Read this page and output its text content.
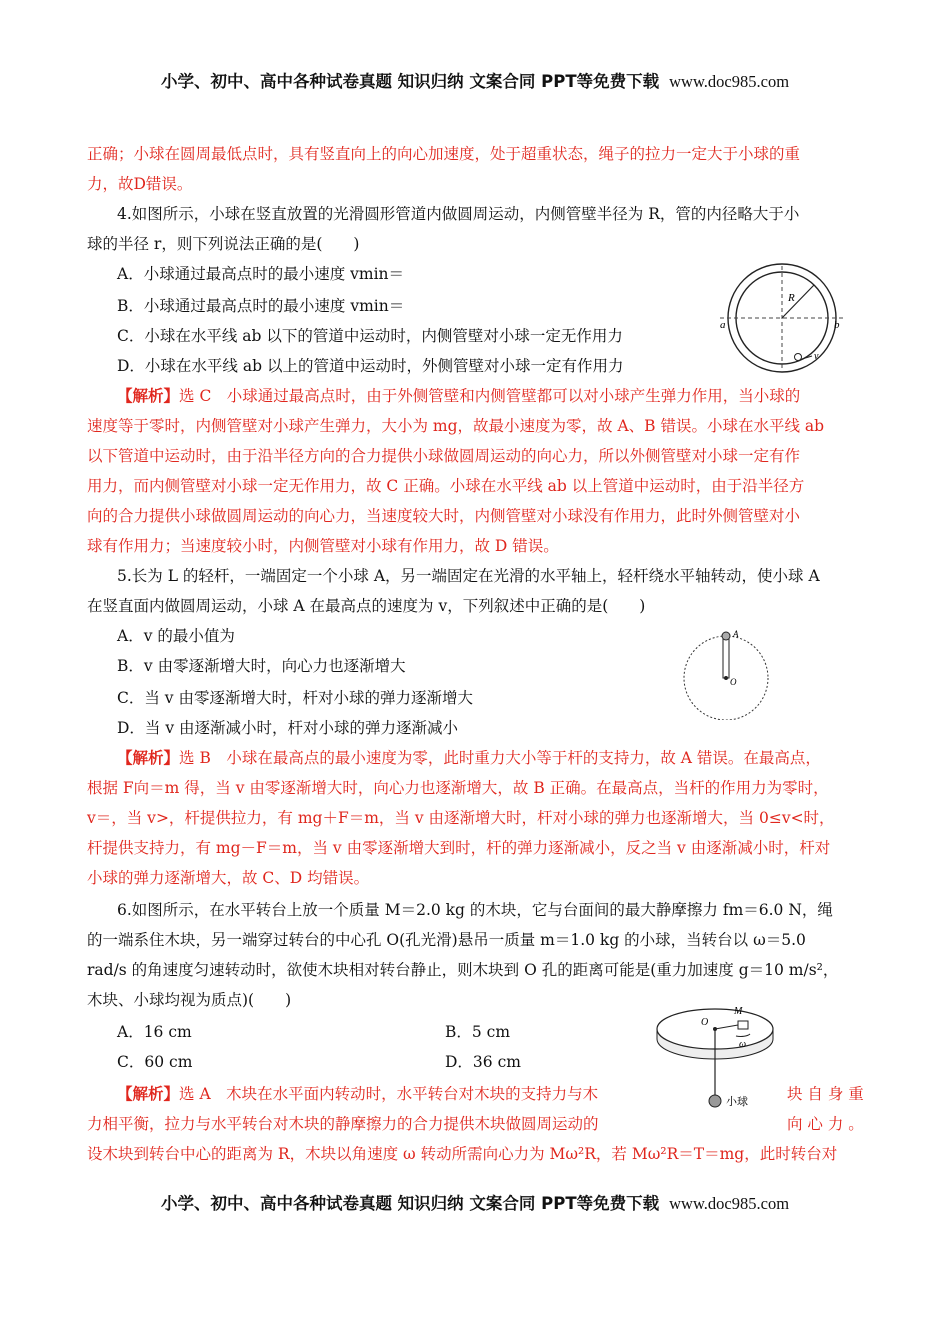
小学、初中、高中各种试卷真题 知识归纳 文案合同 PPT等免费下载 www.doc985.com
正确；小球在圆周最低点时，具有竖直向上的向心加速度，处于超重状态，绳子的拉力一定大于小球的重
力，故D错误。
4.如图所示，小球在竖直放置的光滑圆形管道内做圆周运动，内侧管壁半径为 R，管的内径略大于小
球的半径 r，则下列说法正确的是(　　)
A．小球通过最高点时的最小速度 vmin＝
B．小球通过最高点时的最小速度 vmin＝
C．小球在水平线 ab 以下的管道中运动时，内侧管壁对小球一定无作用力
D．小球在水平线 ab 以上的管道中运动时，外侧管壁对小球一定有作用力
R
a	b
v
【解析】选 C　小球通过最高点时，由于外侧管壁和内侧管壁都可以对小球产生弹力作用，当小球的
速度等于零时，内侧管壁对小球产生弹力，大小为 mg，故最小速度为零，故 A、B 错误。小球在水平线 ab
以下管道中运动时，由于沿半径方向的合力提供小球做圆周运动的向心力，所以外侧管壁对小球一定有作
用力，而内侧管壁对小球一定无作用力，故 C 正确。小球在水平线 ab 以上管道中运动时，由于沿半径方
向的合力提供小球做圆周运动的向心力，当速度较大时，内侧管壁对小球没有作用力，此时外侧管壁对小
球有作用力；当速度较小时，内侧管壁对小球有作用力，故 D 错误。
5.长为 L 的轻杆，一端固定一个小球 A，另一端固定在光滑的水平轴上，轻杆绕水平轴转动，使小球 A
在竖直面内做圆周运动，小球 A 在最高点的速度为 v，下列叙述中正确的是(　　)
A．v 的最小值为
B．v 由零逐渐增大时，向心力也逐渐增大
C．当 v 由零逐渐增大时，杆对小球的弹力逐渐增大
D．当 v 由逐渐减小时，杆对小球的弹力逐渐减小
A
O
【解析】选 B　小球在最高点的最小速度为零，此时重力大小等于杆的支持力，故 A 错误。在最高点，
根据 F向＝m 得，当 v 由零逐渐增大时，向心力也逐渐增大，故 B 正确。在最高点，当杆的作用力为零时，
v＝，当 v>，杆提供拉力，有 mg＋F＝m，当 v 由逐渐增大时，杆对小球的弹力也逐渐增大，当 0≤v<时，
杆提供支持力，有 mg－F＝m，当 v 由零逐渐增大到时，杆的弹力逐渐减小，反之当 v 由逐渐减小时，杆对
小球的弹力逐渐增大，故 C、D 均错误。
6.如图所示，在水平转台上放一个质量 M＝2.0 kg 的木块，它与台面间的最大静摩擦力 fm＝6.0 N，绳
的一端系住木块，另一端穿过转台的中心孔 O(孔光滑)悬吊一质量 m＝1.0 kg 的小球，当转台以 ω＝5.0
rad/s 的角速度匀速转动时，欲使木块相对转台静止，则木块到 O 孔的距离可能是(重力加速度 g＝10 m/s²，
木块、小球均视为质点)(　　)
A．16 cm	B．5 cm
C．60 cm	D．36 cm
O
M
ω
小球
【解析】选 A　木块在水平面内转动时，水平转台对木块的支持力与木	块 自 身 重
力相平衡，拉力与水平转台对木块的静摩擦力的合力提供木块做圆周运动的	向 心 力 。
设木块到转台中心的距离为 R，木块以角速度 ω 转动所需向心力为 Mω²R，若 Mω²R＝T＝mg，此时转台对
小学、初中、高中各种试卷真题 知识归纳 文案合同 PPT等免费下载 www.doc985.com
